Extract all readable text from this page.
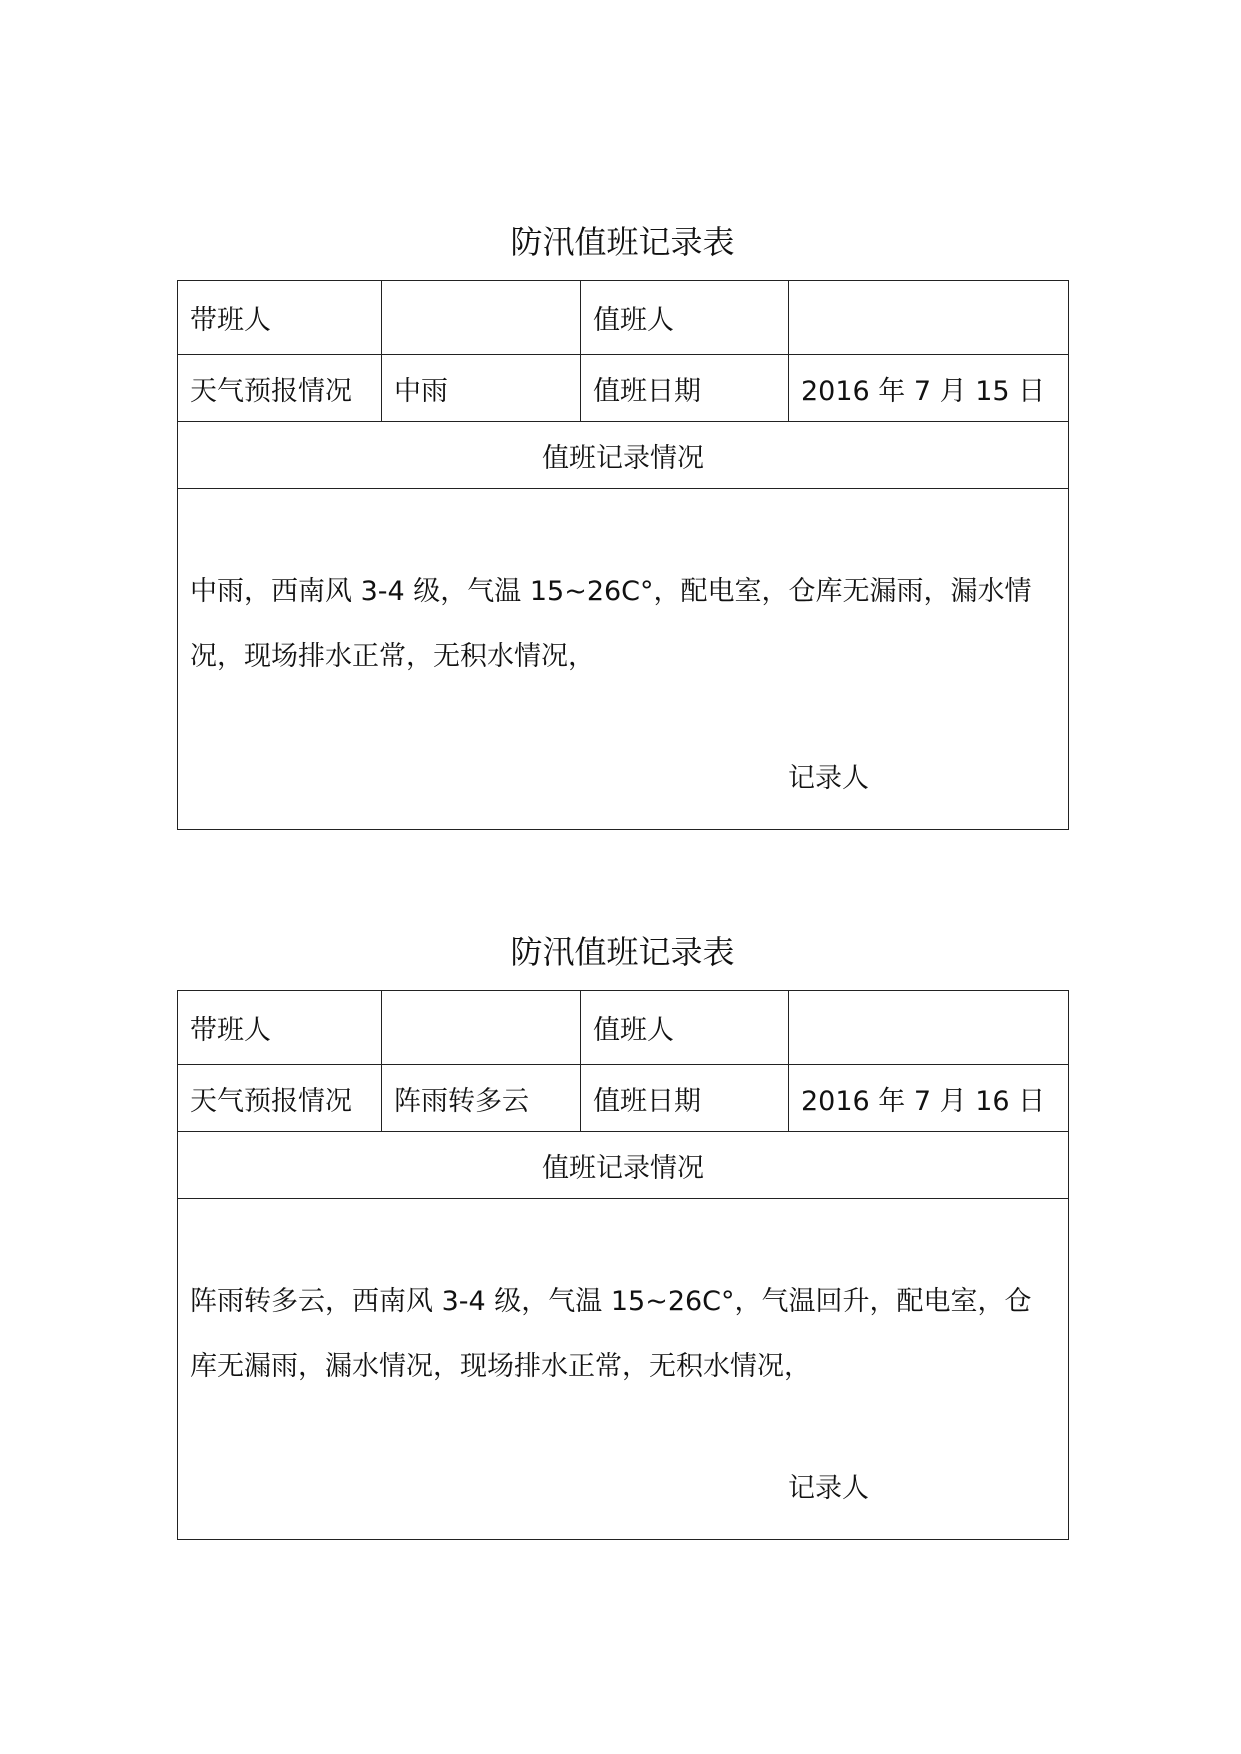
防汛值班记录表
带班人		值班人	
天气预报情况	中雨	值班日期	2016 年 7 月 15 日
值班记录情况			

中雨，西南风 3-4 级，气温 15~26C°，配电室，仓库无漏雨，漏水情况，现场排水正常，无积水情况，
记录人			
防汛值班记录表
带班人		值班人	
天气预报情况	阵雨转多云	值班日期	2016 年 7 月 16 日
值班记录情况			

阵雨转多云，西南风 3-4 级，气温 15~26C°，气温回升，配电室，仓库无漏雨，漏水情况，现场排水正常，无积水情况，
记录人			
